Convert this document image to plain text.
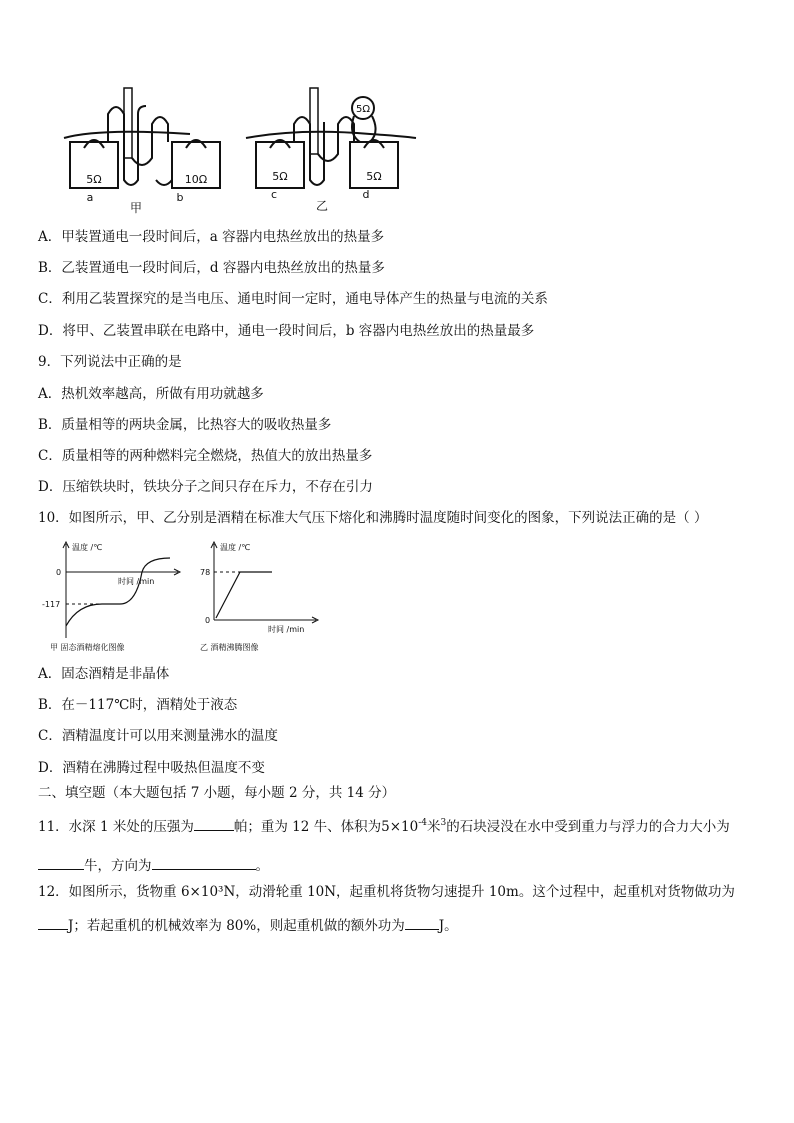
5Ω	10Ω	5Ω	5Ω
5Ω
a	b	c	d
甲	乙
A．甲装置通电一段时间后，a 容器内电热丝放出的热量多
B．乙装置通电一段时间后，d 容器内电热丝放出的热量多
C．利用乙装置探究的是当电压、通电时间一定时，通电导体产生的热量与电流的关系
D．将甲、乙装置串联在电路中，通电一段时间后，b 容器内电热丝放出的热量最多
9．下列说法中正确的是
A．热机效率越高，所做有用功就越多
B．质量相等的两块金属，比热容大的吸收热量多
C．质量相等的两种燃料完全燃烧，热值大的放出热量多
D．压缩铁块时，铁块分子之间只存在斥力，不存在引力
10．如图所示，甲、乙分别是酒精在标准大气压下熔化和沸腾时温度随时间变化的图象，下列说法正确的是（ ）
温度 /℃
时间 /min
0
-117
甲 固态酒精熔化图像
温度 /℃
时间 /min
0
78
乙 酒精沸腾图像
A．固态酒精是非晶体
B．在－117℃时，酒精处于液态
C．酒精温度计可以用来测量沸水的温度
D．酒精在沸腾过程中吸热但温度不变
二、填空题（本大题包括 7 小题，每小题 2 分，共 14 分）
11．水深 1 米处的压强为	帕；重为 12 牛、体积为$5\times 10^{-4}$米$^3$的石块浸没在水中受到重力与浮力的合力大小为
牛，方向为	。
12．如图所示，货物重 6×10³N，动滑轮重 10N，起重机将货物匀速提升 10m。这个过程中，起重机对货物做功为
J；若起重机的机械效率为 80%，则起重机做的额外功为	J。
